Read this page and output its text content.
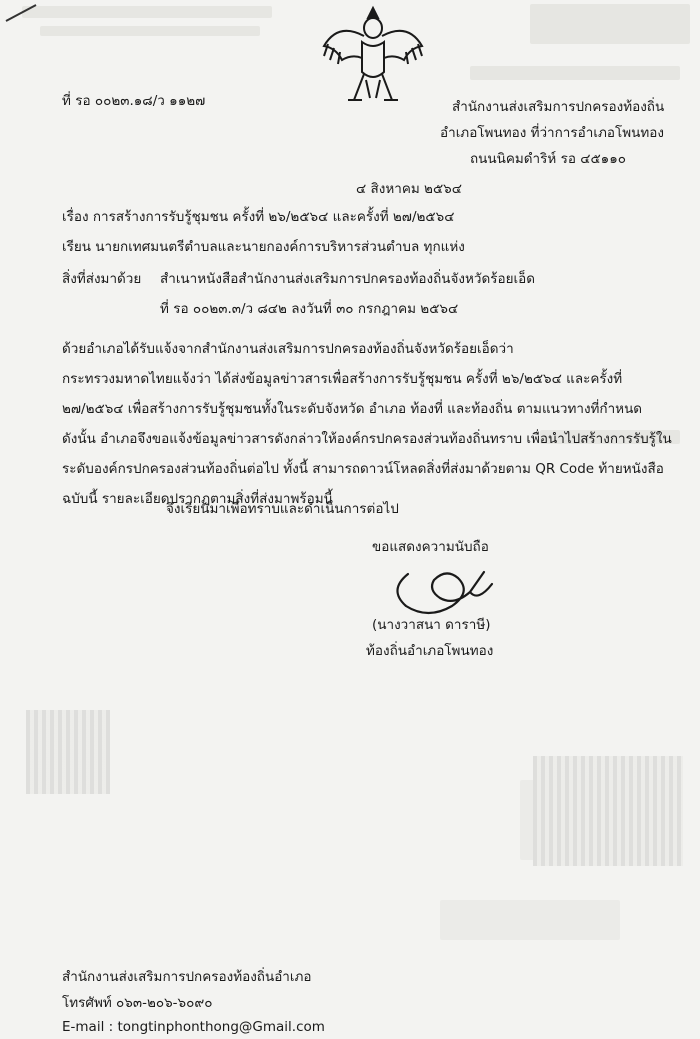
ที่ รอ ๐๐๒๓.๑๘/ว ๑๑๒๗	สำนักงานส่งเสริมการปกครองท้องถิ่น
อำเภอโพนทอง ที่ว่าการอำเภอโพนทอง
ถนนนิคมดำริห์ รอ ๔๕๑๑๐
๔ สิงหาคม ๒๕๖๔
เรื่อง การสร้างการรับรู้ชุมชน ครั้งที่ ๒๖/๒๕๖๔ และครั้งที่ ๒๗/๒๕๖๔
เรียน นายกเทศมนตรีตำบลและนายกองค์การบริหารส่วนตำบล ทุกแห่ง
สิ่งที่ส่งมาด้วย สำเนาหนังสือสำนักงานส่งเสริมการปกครองท้องถิ่นจังหวัดร้อยเอ็ด
ที่ รอ ๐๐๒๓.๓/ว ๘๔๒ ลงวันที่ ๓๐ กรกฎาคม ๒๕๖๔
ด้วยอำเภอได้รับแจ้งจากสำนักงานส่งเสริมการปกครองท้องถิ่นจังหวัดร้อยเอ็ดว่า
กระทรวงมหาดไทยแจ้งว่า ได้ส่งข้อมูลข่าวสารเพื่อสร้างการรับรู้ชุมชน ครั้งที่ ๒๖/๒๕๖๔ และครั้งที่
๒๗/๒๕๖๔ เพื่อสร้างการรับรู้ชุมชนทั้งในระดับจังหวัด อำเภอ ท้องที่ และท้องถิ่น ตามแนวทางที่กำหนด
ดังนั้น อำเภอจึงขอแจ้งข้อมูลข่าวสารดังกล่าวให้องค์กรปกครองส่วนท้องถิ่นทราบ เพื่อนำไปสร้างการรับรู้ใน
ระดับองค์กรปกครองส่วนท้องถิ่นต่อไป ทั้งนี้ สามารถดาวน์โหลดสิ่งที่ส่งมาด้วยตาม QR Code ท้ายหนังสือ
ฉบับนี้ รายละเอียดปรากฏตามสิ่งที่ส่งมาพร้อมนี้
จึงเรียนมาเพื่อทราบและดำเนินการต่อไป
ขอแสดงความนับถือ
(นางวาสนา ดาราษี)
ท้องถิ่นอำเภอโพนทอง
สำนักงานส่งเสริมการปกครองท้องถิ่นอำเภอ
โทรศัพท์ ๐๖๓-๒๐๖-๖๐๙๐
E-mail : tongtinphonthong@Gmail.com
